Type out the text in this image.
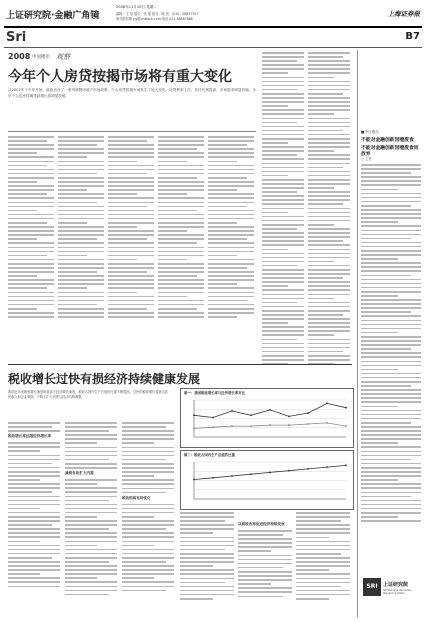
上证研究院·金融广角镜
2008年11月18日 星期二
编辑：王 莹 版式：张 强 校对：陈 晋 （010）58837327
研究院信箱 yjy@cnstock.com 电话 021-58887888
上海证券报
Sri	B7
2008 中国楼市 观察
今年个人房贷按揭市场将有重大变化
从2007年下半年开始，政府出台了一系列调整房地产市场政策，个人房贷按揭市场发生了较大变化，房贷利率上浮、首付比例提高，市场需求明显收缩。今年个人住房按揭贷款增长将明显放缓。
■今日看点
不能对金融创新因噎废食
不能对金融创新因噎废食而放弃
□ 王莹
SRI	上证研究院
SRI Shanghai Securities Research Institute
税收增长过快有损经济持续健康发展
我国近年来税收增长速度明显高于经济增长速度，税收占国内生产总值的比重不断提高。过快的税收增长将挤压居民收入和企业利润，不利于扩大内需与经济结构调整。
税收增长率远超经济增长率
减税有助扩大内需
税收结构有待优化
图一：我国税收增长率与经济增长率对比
图二：税收占国内生产总值的比重
以税收改革促进经济持续发展
